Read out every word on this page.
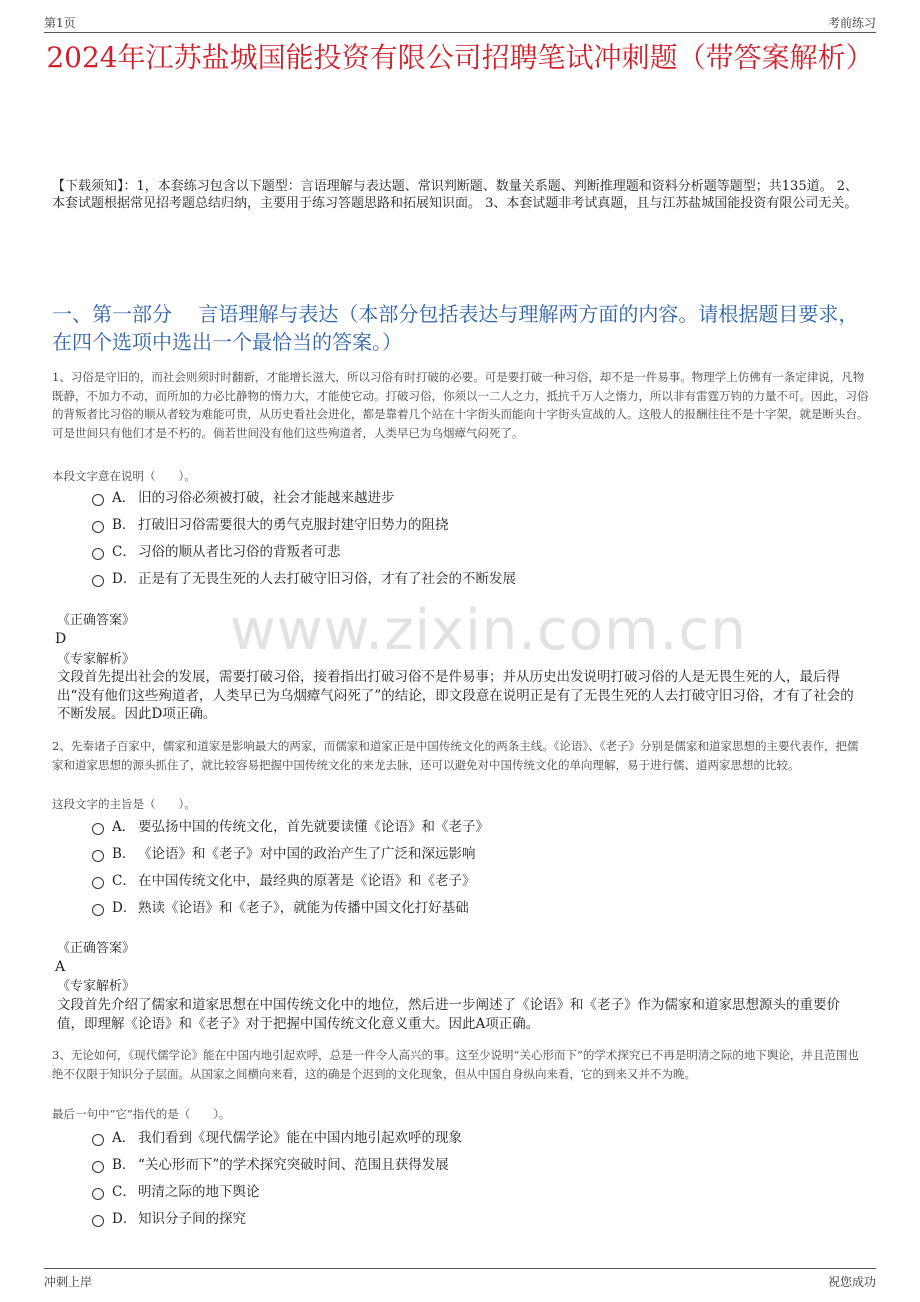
第1页	考前练习
2024年江苏盐城国能投资有限公司招聘笔试冲刺题（带答案解析）
【下载须知】：1，本套练习包含以下题型：言语理解与表达题、常识判断题、数量关系题、判断推理题和资料分析题等题型；共135道。 2、本套试题根据常见招考题总结归纳，主要用于练习答题思路和拓展知识面。 3、本套试题非考试真题，且与江苏盐城国能投资有限公司无关。
一、第一部分　 言语理解与表达（本部分包括表达与理解两方面的内容。请根据题目要求，在四个选项中选出一个最恰当的答案。）
www.zixin.com.cn
1、习俗是守旧的，而社会则须时时翻新，才能增长滋大，所以习俗有时打破的必要。可是要打破一种习俗，却不是一件易事。物理学上仿佛有一条定律说，凡物既静，不加力不动，而所加的力必比静物的惰力大，才能使它动。打破习俗，你须以一二人之力，抵抗千万人之惰力，所以非有雷霆万钧的力量不可。因此，习俗的背叛者比习俗的顺从者较为难能可贵，从历史看社会进化，都是靠着几个站在十字街头而能向十字街头宣战的人。这般人的报酬往往不是十字架，就是断头台。可是世间只有他们才是不朽的。倘若世间没有他们这些殉道者，人类早已为乌烟瘴气闷死了。
本段文字意在说明（　　）。
A． 旧的习俗必须被打破，社会才能越来越进步
B． 打破旧习俗需要很大的勇气克服封建守旧势力的阻挠
C． 习俗的顺从者比习俗的背叛者可悲
D． 正是有了无畏生死的人去打破守旧习俗，才有了社会的不断发展
《正确答案》
D
《专家解析》
文段首先提出社会的发展，需要打破习俗，接着指出打破习俗不是件易事；并从历史出发说明打破习俗的人是无畏生死的人，最后得出“没有他们这些殉道者，人类早已为乌烟瘴气闷死了”的结论，即文段意在说明正是有了无畏生死的人去打破守旧习俗，才有了社会的不断发展。因此D项正确。
2、先秦诸子百家中，儒家和道家是影响最大的两家，而儒家和道家正是中国传统文化的两条主线。《论语》、《老子》分别是儒家和道家思想的主要代表作，把儒家和道家思想的源头抓住了，就比较容易把握中国传统文化的来龙去脉，还可以避免对中国传统文化的单向理解，易于进行儒、道两家思想的比较。
这段文字的主旨是（　　）。
A． 要弘扬中国的传统文化，首先就要读懂《论语》和《老子》
B． 《论语》和《老子》对中国的政治产生了广泛和深远影响
C． 在中国传统文化中，最经典的原著是《论语》和《老子》
D． 熟读《论语》和《老子》，就能为传播中国文化打好基础
《正确答案》
A
《专家解析》
文段首先介绍了儒家和道家思想在中国传统文化中的地位，然后进一步阐述了《论语》和《老子》作为儒家和道家思想源头的重要价值，即理解《论语》和《老子》对于把握中国传统文化意义重大。因此A项正确。
3、无论如何，《现代儒学论》能在中国内地引起欢呼，总是一件令人高兴的事。这至少说明“关心形而下”的学术探究已不再是明清之际的地下舆论，并且范围也绝不仅限于知识分子层面。从国家之间横向来看，这的确是个迟到的文化现象，但从中国自身纵向来看，它的到来又并不为晚。
最后一句中“它”指代的是（　　）。
A． 我们看到《现代儒学论》能在中国内地引起欢呼的现象
B． “关心形而下”的学术探究突破时间、范围且获得发展
C． 明清之际的地下舆论
D． 知识分子间的探究
冲刺上岸	祝您成功
